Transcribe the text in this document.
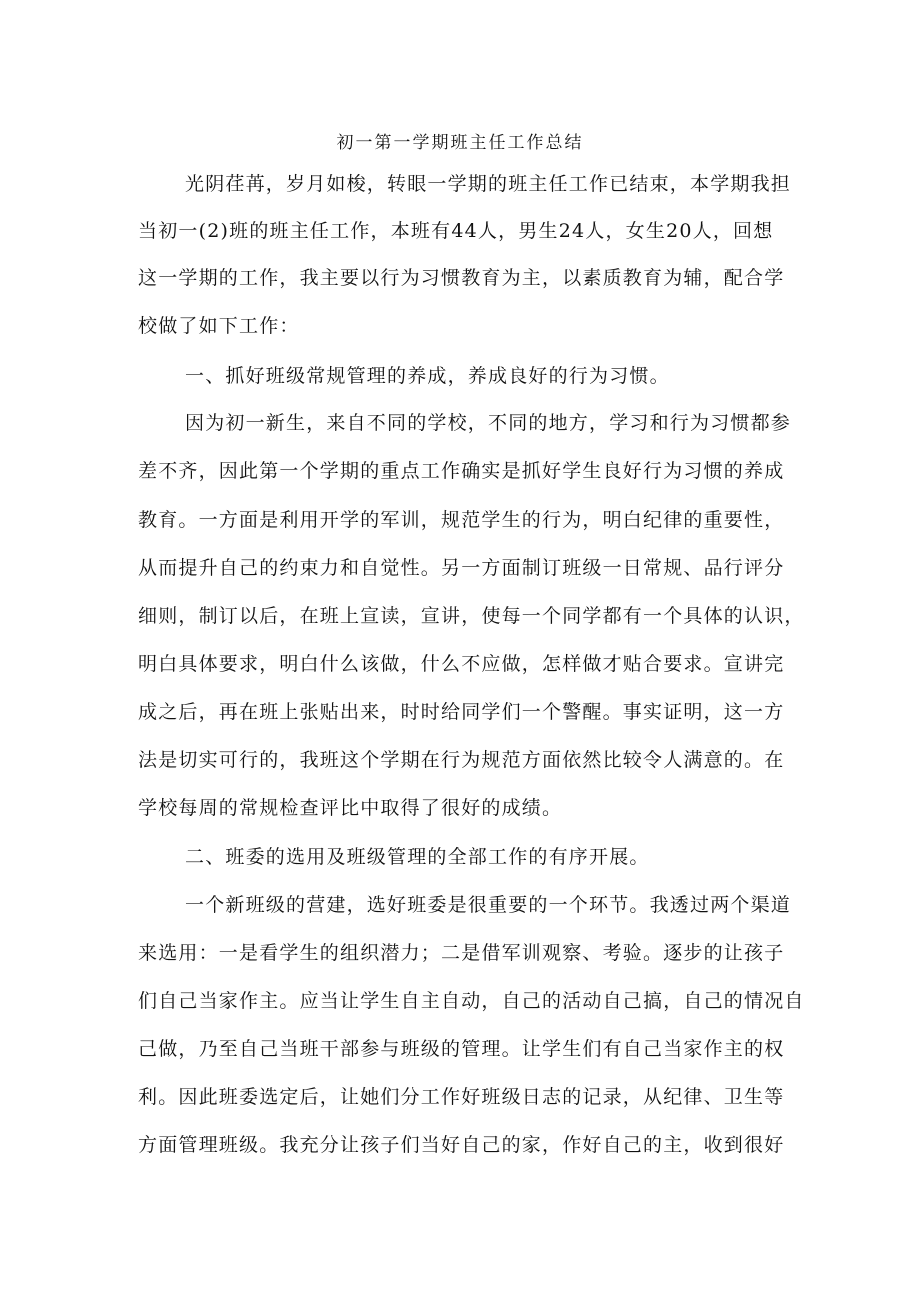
初一第一学期班主任工作总结
光阴荏苒，岁月如梭，转眼一学期的班主任工作已结束，本学期我担
当初一(2)班的班主任工作，本班有44人，男生24人，女生20人，回想
这一学期的工作，我主要以行为习惯教育为主，以素质教育为辅，配合学
校做了如下工作：
一、抓好班级常规管理的养成，养成良好的行为习惯。
因为初一新生，来自不同的学校，不同的地方，学习和行为习惯都参
差不齐，因此第一个学期的重点工作确实是抓好学生良好行为习惯的养成
教育。一方面是利用开学的军训，规范学生的行为，明白纪律的重要性，
从而提升自己的约束力和自觉性。另一方面制订班级一日常规、品行评分
细则，制订以后，在班上宣读，宣讲，使每一个同学都有一个具体的认识，
明白具体要求，明白什么该做，什么不应做，怎样做才贴合要求。宣讲完
成之后，再在班上张贴出来，时时给同学们一个警醒。事实证明，这一方
法是切实可行的，我班这个学期在行为规范方面依然比较令人满意的。在
学校每周的常规检查评比中取得了很好的成绩。
二、班委的选用及班级管理的全部工作的有序开展。
一个新班级的营建，选好班委是很重要的一个环节。我透过两个渠道
来选用：一是看学生的组织潜力；二是借军训观察、考验。逐步的让孩子
们自己当家作主。应当让学生自主自动，自己的活动自己搞，自己的情况自
己做，乃至自己当班干部参与班级的管理。让学生们有自己当家作主的权
利。因此班委选定后，让她们分工作好班级日志的记录，从纪律、卫生等
方面管理班级。我充分让孩子们当好自己的家，作好自己的主，收到很好
